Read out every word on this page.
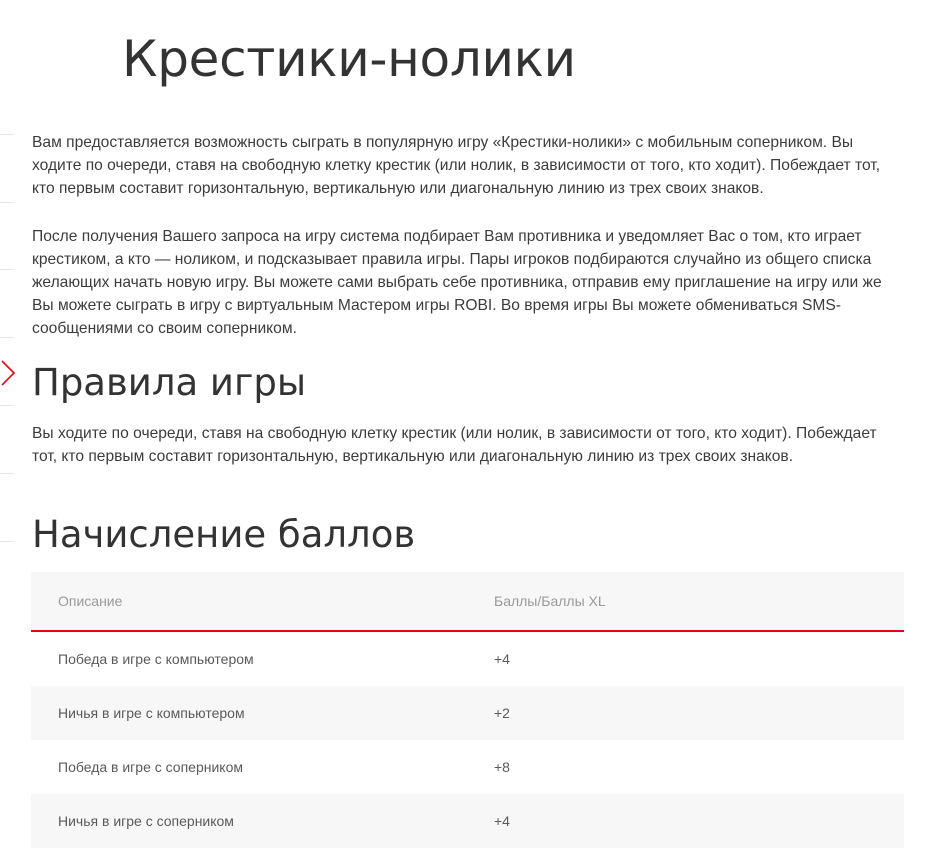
Крестики-нолики

Вам предоставляется возможность сыграть в популярную игру «Крестики-нолики» с мобильным соперником. Вы ходите по очереди, ставя на свободную клетку крестик (или нолик, в зависимости от того, кто ходит). Побеждает тот, кто первым составит горизонтальную, вертикальную или диагональную линию из трех своих знаков.

После получения Вашего запроса на игру система подбирает Вам противника и уведомляет Вас о том, кто играет крестиком, а кто — ноликом, и подсказывает правила игры. Пары игроков подбираются случайно из общего списка желающих начать новую игру. Вы можете сами выбрать себе противника, отправив ему приглашение на игру или же Вы можете сыграть в игру с виртуальным Мастером игры ROBI. Во время игры Вы можете обмениваться SMS-сообщениями со своим соперником.

Правила игры

Вы ходите по очереди, ставя на свободную клетку крестик (или нолик, в зависимости от того, кто ходит). Побеждает тот, кто первым составит горизонтальную, вертикальную или диагональную линию из трех своих знаков.

Начисление баллов
Описание	Баллы/Баллы XL
Победа в игре с компьютером	+4
Ничья в игре с компьютером	+2
Победа в игре с соперником	+8
Ничья в игре с соперником	+4
